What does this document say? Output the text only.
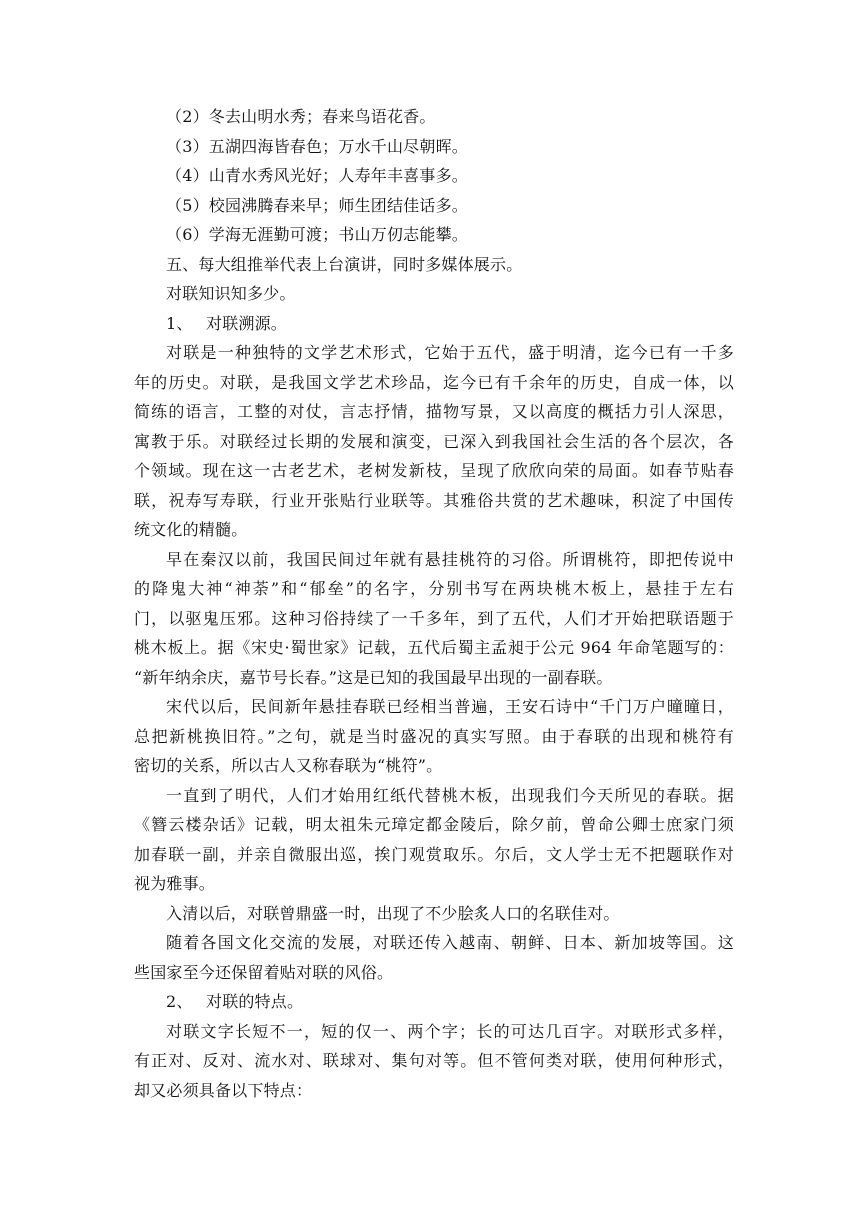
（2）冬去山明水秀；春来鸟语花香。
（3）五湖四海皆春色；万水千山尽朝晖。
（4）山青水秀风光好；人寿年丰喜事多。
（5）校园沸腾春来早；师生团结佳话多。
（6）学海无涯勤可渡；书山万仞志能攀。
五、每大组推举代表上台演讲，同时多媒体展示。
对联知识知多少。
1、 对联溯源。
对联是一种独特的文学艺术形式，它始于五代，盛于明清，迄今已有一千多
年的历史。对联，是我国文学艺术珍品，迄今已有千余年的历史，自成一体，以
简练的语言，工整的对仗，言志抒情，描物写景，又以高度的概括力引人深思，
寓教于乐。对联经过长期的发展和演变，已深入到我国社会生活的各个层次，各
个领域。现在这一古老艺术，老树发新枝，呈现了欣欣向荣的局面。如春节贴春
联，祝寿写寿联，行业开张贴行业联等。其雅俗共赏的艺术趣味，积淀了中国传
统文化的精髓。
早在秦汉以前，我国民间过年就有悬挂桃符的习俗。所谓桃符，即把传说中
的降鬼大神“神荼”和“郁垒”的名字，分别书写在两块桃木板上，悬挂于左右
门，以驱鬼压邪。这种习俗持续了一千多年，到了五代，人们才开始把联语题于
桃木板上。据《宋史·蜀世家》记载，五代后蜀主孟昶于公元 964 年命笔题写的：
“新年纳余庆，嘉节号长春。”这是已知的我国最早出现的一副春联。
宋代以后，民间新年悬挂春联已经相当普遍，王安石诗中“千门万户曈曈日，
总把新桃换旧符。”之句，就是当时盛况的真实写照。由于春联的出现和桃符有
密切的关系，所以古人又称春联为“桃符”。
一直到了明代，人们才始用红纸代替桃木板，出现我们今天所见的春联。据
《簪云楼杂话》记载，明太祖朱元璋定都金陵后，除夕前，曾命公卿士庶家门须
加春联一副，并亲自微服出巡，挨门观赏取乐。尔后，文人学士无不把题联作对
视为雅事。
入清以后，对联曾鼎盛一时，出现了不少脍炙人口的名联佳对。
随着各国文化交流的发展，对联还传入越南、朝鲜、日本、新加坡等国。这
些国家至今还保留着贴对联的风俗。
2、 对联的特点。
对联文字长短不一，短的仅一、两个字；长的可达几百字。对联形式多样，
有正对、反对、流水对、联球对、集句对等。但不管何类对联，使用何种形式，
却又必须具备以下特点：
